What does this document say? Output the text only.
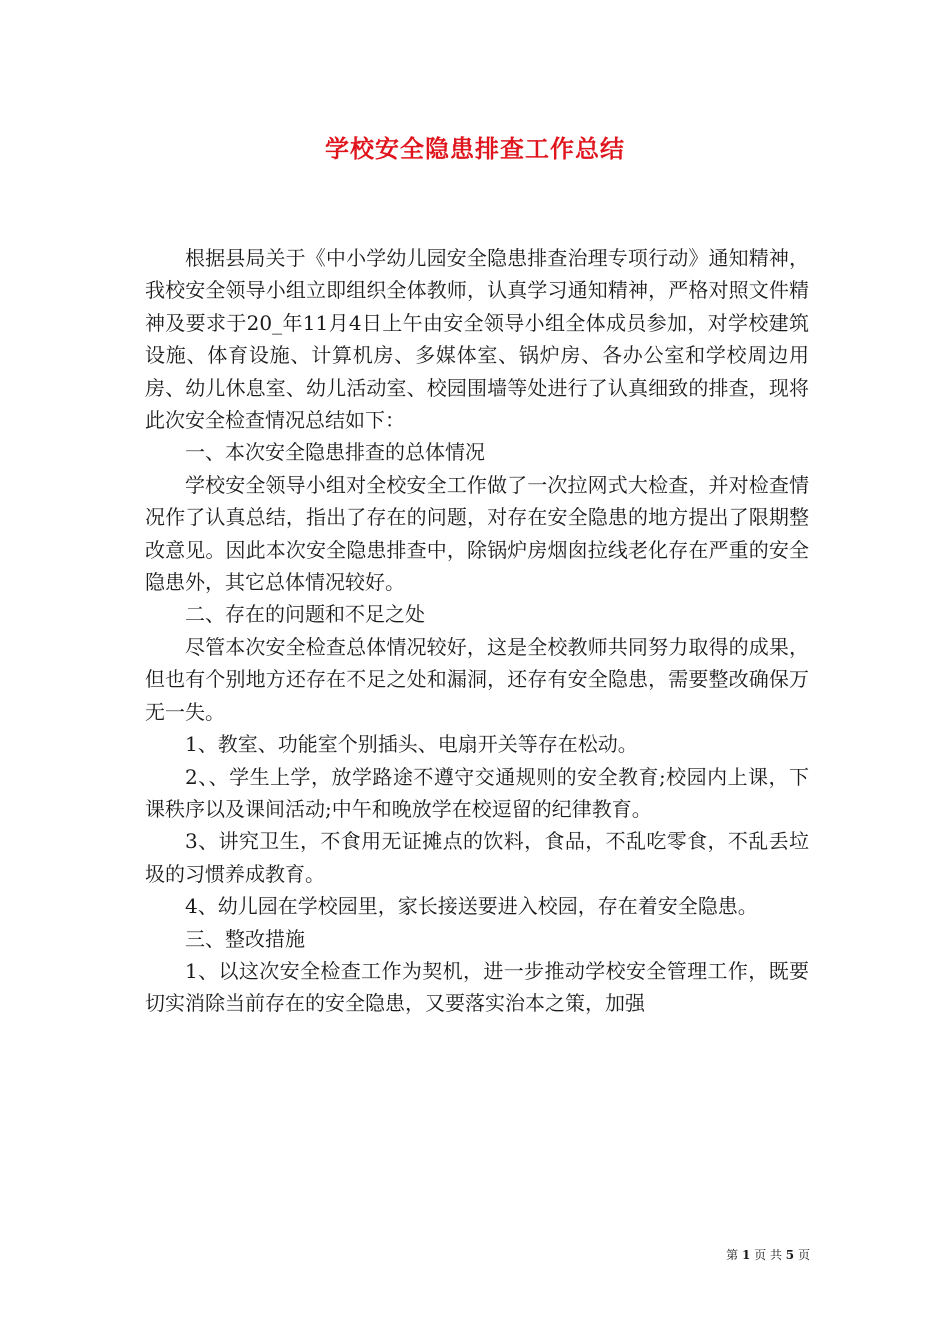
学校安全隐患排查工作总结

根据县局关于《中小学幼儿园安全隐患排查治理专项行动》通知精神，我校安全领导小组立即组织全体教师，认真学习通知精神，严格对照文件精神及要求于20_年11月4日上午由安全领导小组全体成员参加，对学校建筑设施、体育设施、计算机房、多媒体室、锅炉房、各办公室和学校周边用房、幼儿休息室、幼儿活动室、校园围墙等处进行了认真细致的排查，现将此次安全检查情况总结如下：

一、本次安全隐患排查的总体情况

学校安全领导小组对全校安全工作做了一次拉网式大检查，并对检查情况作了认真总结，指出了存在的问题，对存在安全隐患的地方提出了限期整改意见。因此本次安全隐患排查中，除锅炉房烟囱拉线老化存在严重的安全隐患外，其它总体情况较好。

二、存在的问题和不足之处

尽管本次安全检查总体情况较好，这是全校教师共同努力取得的成果，但也有个别地方还存在不足之处和漏洞，还存有安全隐患，需要整改确保万无一失。

1、教室、功能室个别插头、电扇开关等存在松动。

2、、学生上学，放学路途不遵守交通规则的安全教育;校园内上课，下课秩序以及课间活动;中午和晚放学在校逗留的纪律教育。

3、讲究卫生，不食用无证摊点的饮料，食品，不乱吃零食，不乱丢垃圾的习惯养成教育。

4、幼儿园在学校园里，家长接送要进入校园，存在着安全隐患。

三、整改措施

1、以这次安全检查工作为契机，进一步推动学校安全管理工作，既要切实消除当前存在的安全隐患，又要落实治本之策，加强

第 1 页 共 5 页
